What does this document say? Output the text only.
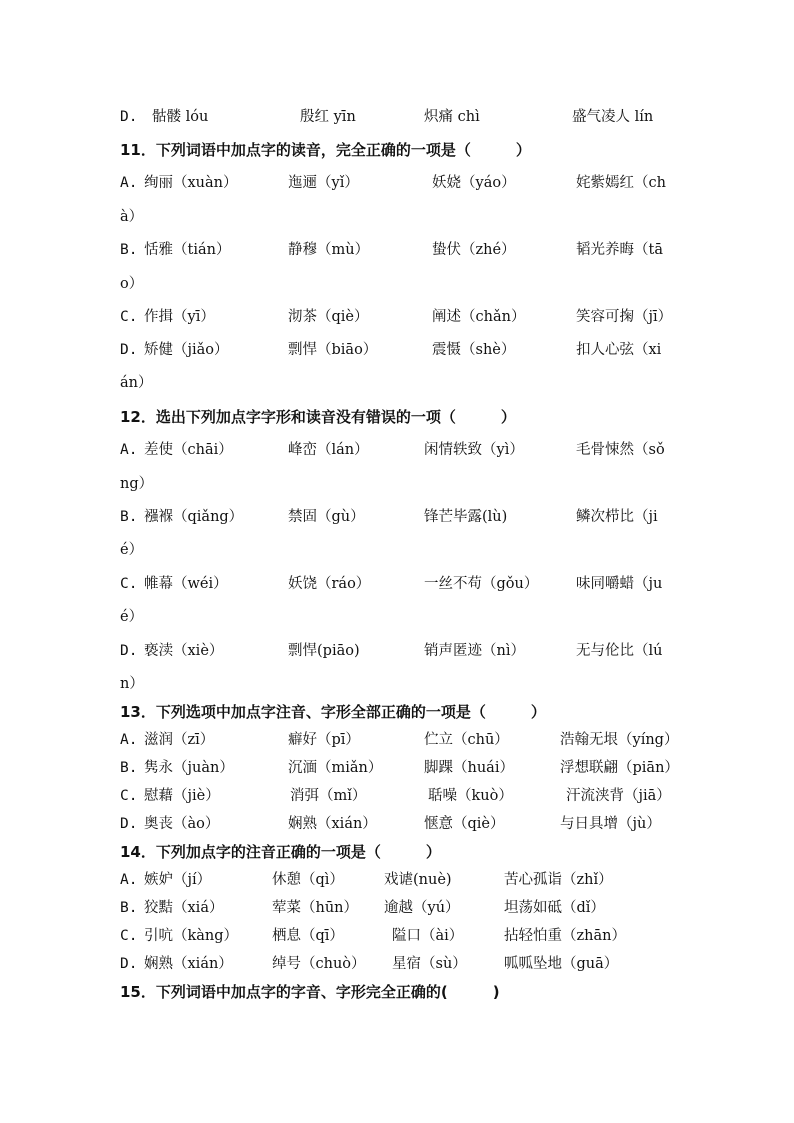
D. 骷髅 lóu	殷红 yīn	炽痛 chì	盛气凌人 lín
11．下列词语中加点字的读音，完全正确的一项是（　　　）
A. 绚丽（xuàn）	迤逦（yǐ）	妖娆（yáo）	姹紫嫣红（ch
à）
B. 恬雅（tián）	静穆（mù）	蛰伏（zhé）	韬光养晦（tā
o）
C. 作揖（yī）	沏茶（qiè）	阐述（chǎn）	笑容可掬（jī）
D. 矫健（jiǎo）	剽悍（biāo）	震慑（shè）	扣人心弦（xi
án）
12．选出下列加点字字形和读音没有错误的一项（　　　）
A. 差使（chāi）	峰峦（lán）	闲情轶致（yì）	毛骨悚然（sǒ
ng）
B. 襁褓（qiǎng）	禁固（gù）	锋芒毕露(lù)	鳞次栉比（ji
é）
C. 帷幕（wéi）	妖饶（ráo）	一丝不苟（gǒu）	味同嚼蜡（ju
é）
D. 亵渎（xiè）	剽悍(piāo)	销声匿迹（nì）	无与伦比（lú
n）
13．下列选项中加点字注音、字形全部正确的一项是（　　　）
A. 滋润（zī）	癖好（pī）	伫立（chū）	浩翰无垠（yíng）
B. 隽永（juàn）	沉湎（miǎn）	脚踝（huái）	浮想联翩（piān）
C. 慰藉（jiè）	消弭（mǐ）	聒噪（kuò）	汗流浃背（jiā）
D. 奥丧（ào）	娴熟（xián）	惬意（qiè）	与日具增（jù）
14．下列加点字的注音正确的一项是（　　　）
A. 嫉妒（jí）	休憩（qì）	戏谑(nuè)	苦心孤诣（zhǐ）
B. 狡黠（xiá）	荤菜（hūn） 逾越（yú）	坦荡如砥（dǐ）
C. 引吭（kàng） 栖息（qī）	隘口（ài）	拈轻怕重（zhān）
D. 娴熟（xián）	绰号（chuò） 星宿（sù）	呱呱坠地（guā）
15．下列词语中加点字的字音、字形完全正确的(　　　)
